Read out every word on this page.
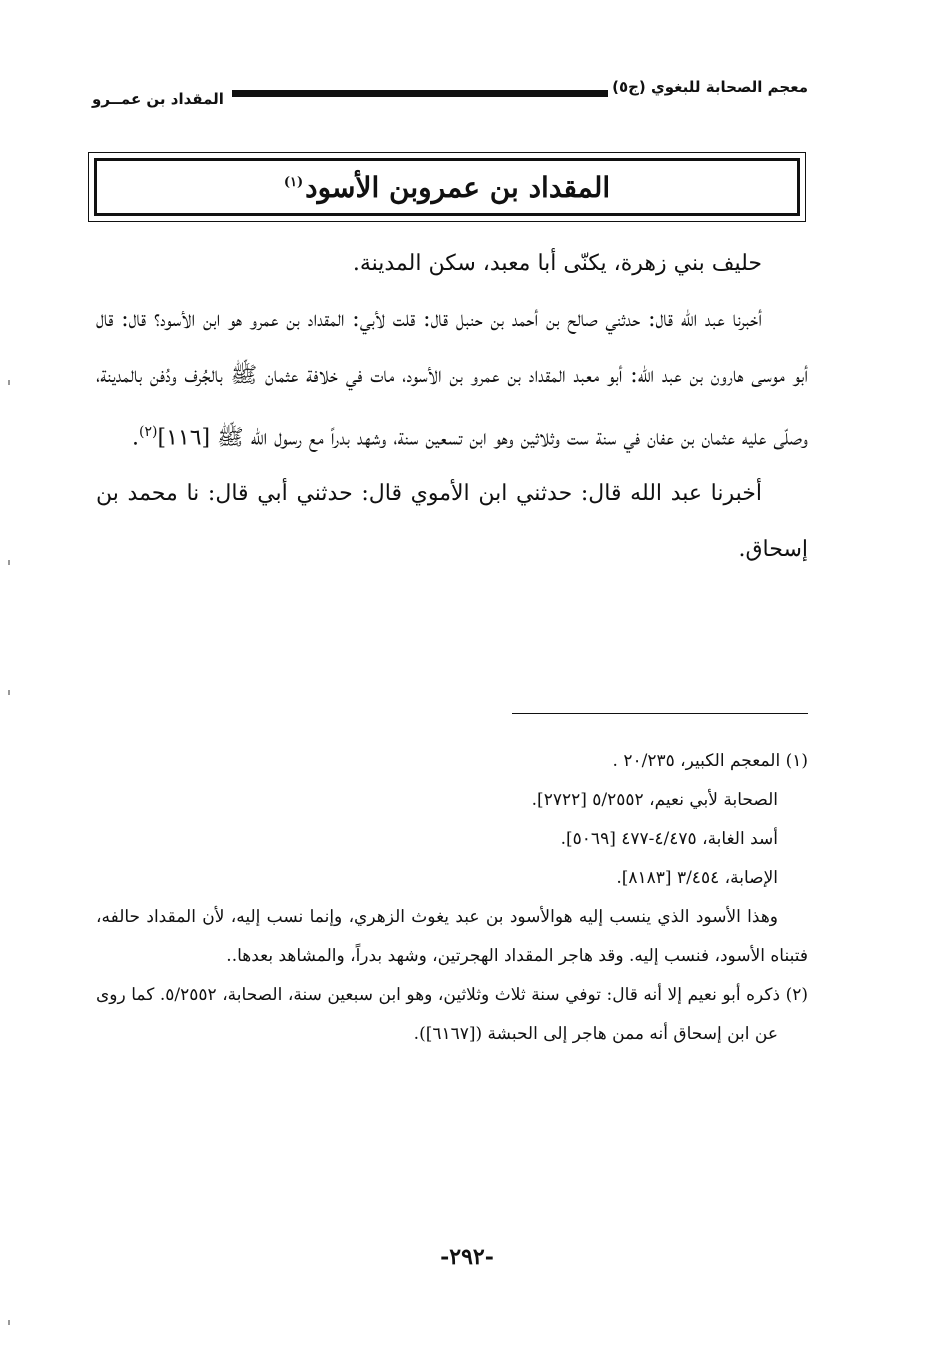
معجم الصحابة للبغوي (ج٥)
المقداد بن عمــرو
المقداد بن عمروبن الأسود$^{(١)}$

حليف بني زهرة، يكنّى أبا معبد، سكن المدينة.

أخبرنا عبد الله قال: حدثني صالح بن أحمد بن حنبل قال: قلت لأبي: المقداد بن عمرو هو ابن الأسود؟ قال: قال أبو موسى هارون بن عبد الله: أبو معبد المقداد بن عمرو بن الأسود، مات في خلافة عثمان ﷺ بالجُرف ودُفن بالمدينة، وصلّى عليه عثمان بن عفان في سنة ست وثلاثين وهو ابن تسعين سنة، وشهد بدراً مع رسول الله ﷺ [١١٦]$^{(٢)}$.

أخبرنا عبد الله قال: حدثني ابن الأموي قال: حدثني أبي قال: نا محمد بن إسحاق.

(١) المعجم الكبير، ٢٠/٢٣٥ .

الصحابة لأبي نعيم، ٥/٢٥٥٢ [٢٧٢٢].

أسد الغابة، ٤/٤٧٥-٤٧٧ [٥٠٦٩].

الإصابة، ٣/٤٥٤ [٨١٨٣].

وهذا الأسود الذي ينسب إليه هوالأسود بن عبد يغوث الزهري، وإنما نسب إليه، لأن المقداد حالفه، فتبناه الأسود، فنسب إليه. وقد هاجر المقداد الهجرتين، وشهد بدراً، والمشاهد بعدها..

(٢) ذكره أبو نعيم إلا أنه قال: توفي سنة ثلاث وثلاثين، وهو ابن سبعين سنة، الصحابة، ٥/٢٥٥٢. كما روى عن ابن إسحاق أنه ممن هاجر إلى الحبشة ([٦١٦٧]).

-٢٩٢-
